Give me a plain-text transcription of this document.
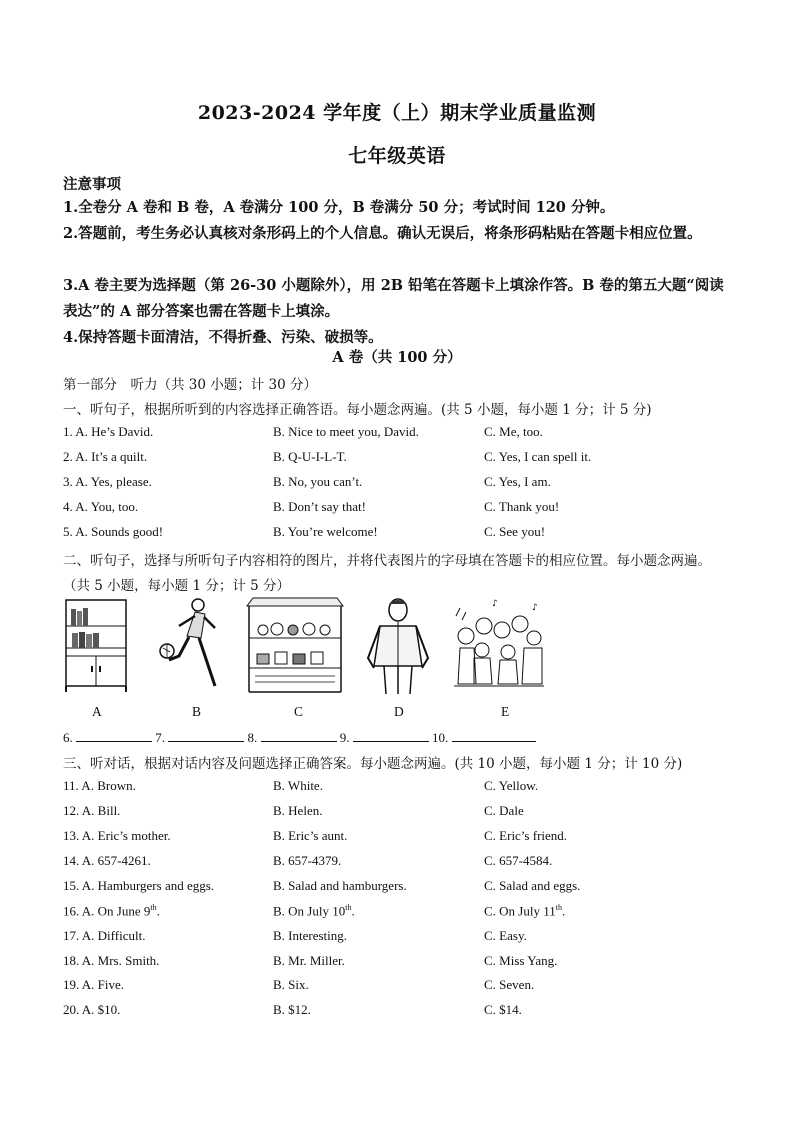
2023-2024 学年度（上）期末学业质量监测
七年级英语
注意事项
1.全卷分 A 卷和 B 卷，A 卷满分 100 分，B 卷满分 50 分；考试时间 120 分钟。
2.答题前，考生务必认真核对条形码上的个人信息。确认无误后，将条形码粘贴在答题卡相应位置。
3.A 卷主要为选择题（第 26-30 小题除外），用 2B 铅笔在答题卡上填涂作答。B 卷的第五大题“阅读表达”的 A 部分答案也需在答题卡上填涂。
4.保持答题卡面清洁，不得折叠、污染、破损等。
A 卷（共 100 分）
第一部分　听力（共 30 小题；计 30 分）
一、听句子，根据所听到的内容选择正确答语。每小题念两遍。(共 5 小题，每小题 1 分；计 5 分)
1. A. He’s David.	B. Nice to meet you, David.	C. Me, too.
2. A. It’s a quilt.	B. Q-U-I-L-T.	C. Yes, I can spell it.
3. A. Yes, please.	B. No, you can’t.	C. Yes, I am.
4. A. You, too.	B. Don’t say that!	C. Thank you!
5. A. Sounds good!	B. You’re welcome!	C. See you!
二、听句子，选择与所听句子内容相符的图片，并将代表图片的字母填在答题卡的相应位置。每小题念两遍。
（共 5 小题，每小题 1 分；计 5 分）
♪	♪
A	B	C	D	E
6.	7.	8.	9.	10.
三、听对话，根据对话内容及问题选择正确答案。每小题念两遍。(共 10 小题，每小题 1 分；计 10 分)
11. A. Brown.	B. White.	C. Yellow.
12. A. Bill.	B. Helen.	C. Dale
13. A. Eric’s mother.	B. Eric’s aunt.	C. Eric’s friend.
14. A. 657-4261.	B. 657-4379.	C. 657-4584.
15. A. Hamburgers and eggs.	B. Salad and hamburgers.	C. Salad and eggs.
16. A. On June 9th.	B. On July 10th.	C. On July 11th.
17. A. Difficult.	B. Interesting.	C. Easy.
18. A. Mrs. Smith.	B. Mr. Miller.	C. Miss Yang.
19. A. Five.	B. Six.	C. Seven.
20. A. $10.	B. $12.	C. $14.
